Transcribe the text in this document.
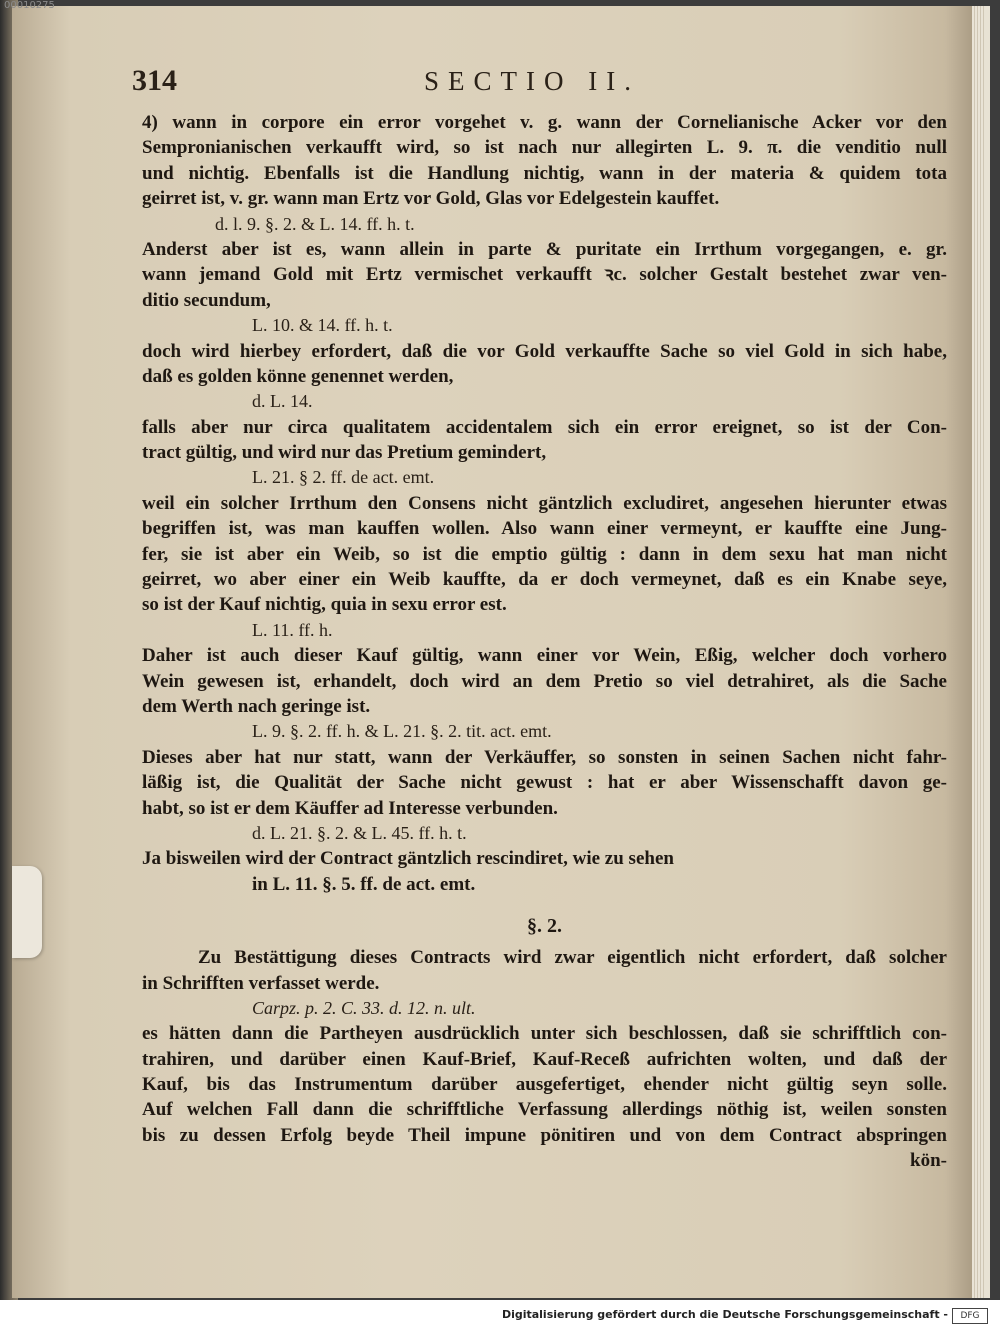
314	SECTIO II.
4) wann in corpore ein error vorgehet v. g. wann der Cornelianische Acker vor den
Sempronianischen verkaufft wird, so ist nach nur allegirten L. 9. π. die venditio null
und nichtig. Ebenfalls ist die Handlung nichtig, wann in der materia & quidem tota
geirret ist, v. gr. wann man Ertz vor Gold, Glas vor Edelgestein kauffet.
d. l. 9. §. 2. & L. 14. ff. h. t.
Anderst aber ist es, wann allein in parte & puritate ein Irrthum vorgegangen, e. gr.
wann jemand Gold mit Ertz vermischet verkaufft ꝛc. solcher Gestalt bestehet zwar ven-
ditio secundum,
L. 10. & 14. ff. h. t.
doch wird hierbey erfordert, daß die vor Gold verkauffte Sache so viel Gold in sich habe,
daß es golden könne genennet werden,
d. L. 14.
falls aber nur circa qualitatem accidentalem sich ein error ereignet, so ist der Con-
tract gültig, und wird nur das Pretium gemindert,
L. 21. § 2. ff. de act. emt.
weil ein solcher Irrthum den Consens nicht gäntzlich excludiret, angesehen hierunter etwas
begriffen ist, was man kauffen wollen. Also wann einer vermeynt, er kauffte eine Jung-
fer, sie ist aber ein Weib, so ist die emptio gültig : dann in dem sexu hat man nicht
geirret, wo aber einer ein Weib kauffte, da er doch vermeynet, daß es ein Knabe seye,
so ist der Kauf nichtig, quia in sexu error est.
L. 11. ff. h.
Daher ist auch dieser Kauf gültig, wann einer vor Wein, Eßig, welcher doch vorhero
Wein gewesen ist, erhandelt, doch wird an dem Pretio so viel detrahiret, als die Sache
dem Werth nach geringe ist.
L. 9. §. 2. ff. h. & L. 21. §. 2. tit. act. emt.
Dieses aber hat nur statt, wann der Verkäuffer, so sonsten in seinen Sachen nicht fahr-
läßig ist, die Qualität der Sache nicht gewust : hat er aber Wissenschafft davon ge-
habt, so ist er dem Käuffer ad Interesse verbunden.
d. L. 21. §. 2. & L. 45. ff. h. t.
Ja bisweilen wird der Contract gäntzlich rescindiret, wie zu sehen
in L. 11. §. 5. ff. de act. emt.
§. 2.
Zu Bestättigung dieses Contracts wird zwar eigentlich nicht erfordert, daß solcher
in Schrifften verfasset werde.
Carpz. p. 2. C. 33. d. 12. n. ult.
es hätten dann die Partheyen ausdrücklich unter sich beschlossen, daß sie schrifftlich con-
trahiren, und darüber einen Kauf-Brief, Kauf-Receß aufrichten wolten, und daß der
Kauf, bis das Instrumentum darüber ausgefertiget, ehender nicht gültig seyn solle.
Auf welchen Fall dann die schrifftliche Verfassung allerdings nöthig ist, weilen sonsten
bis zu dessen Erfolg beyde Theil impune pönitiren und von dem Contract abspringen
kön-
Digitalisierung gefördert durch die Deutsche Forschungsgemeinschaft -	DFG
00010275
